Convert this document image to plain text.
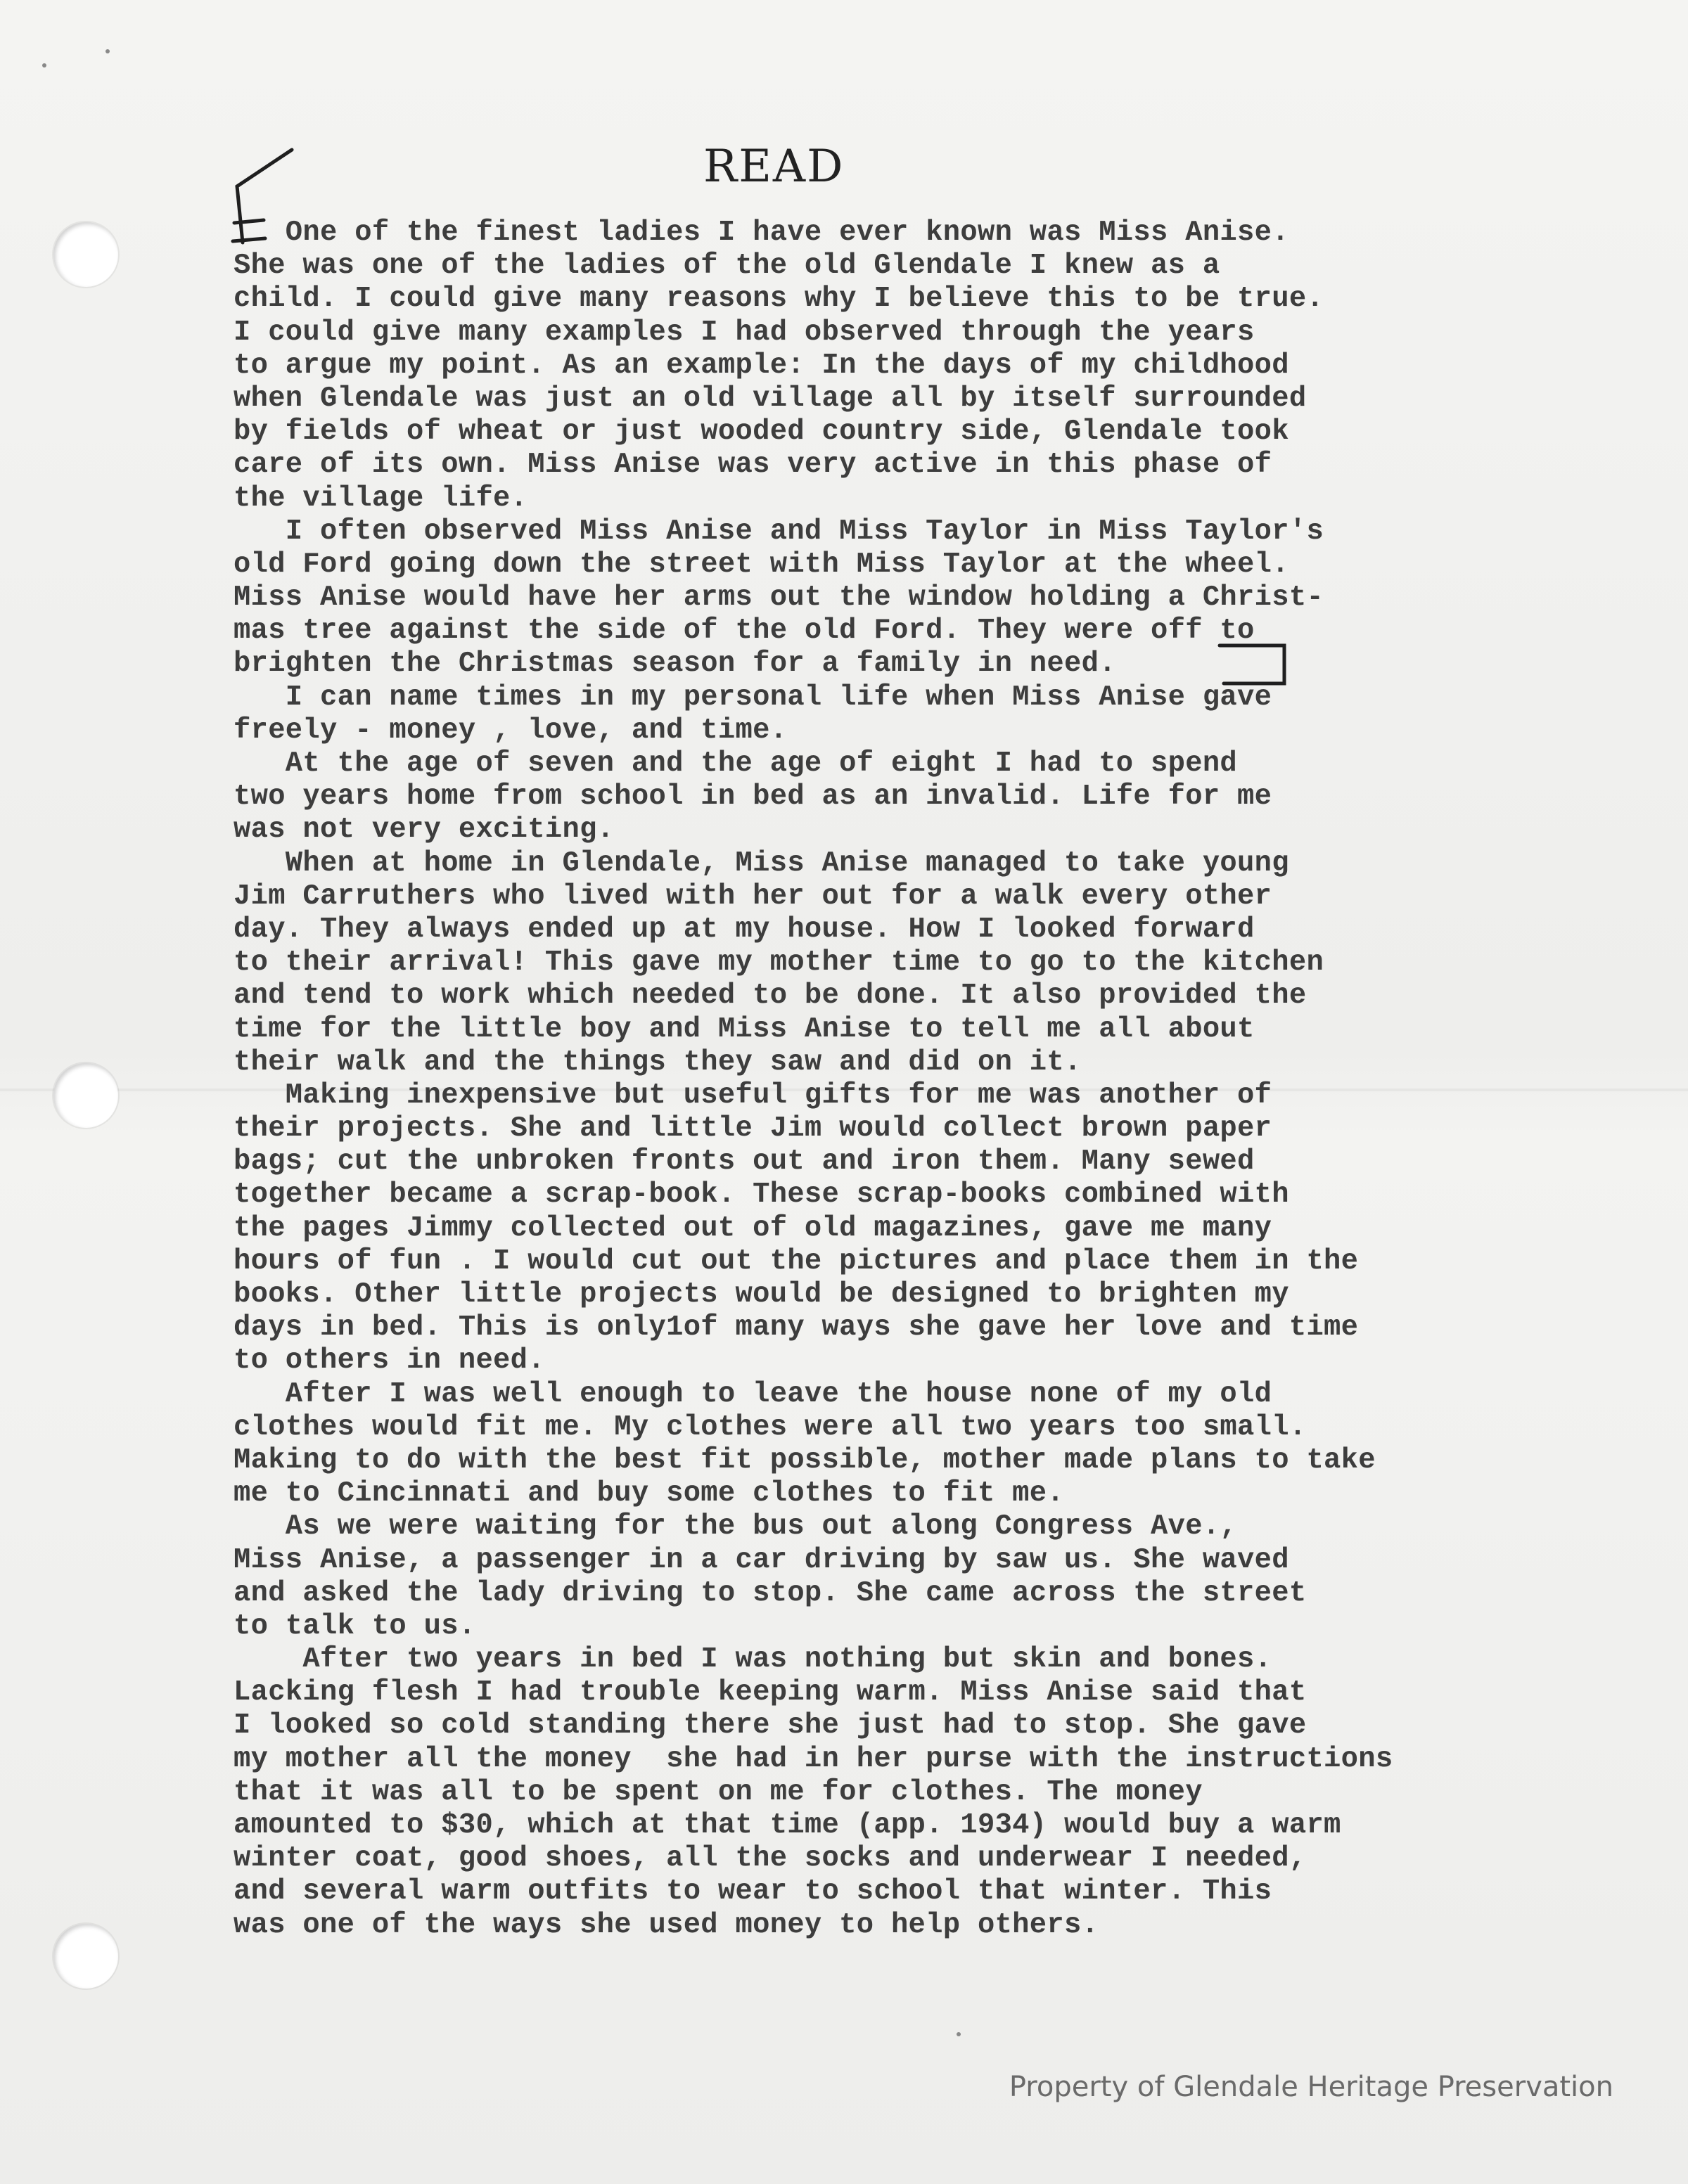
READ
One of the finest ladies I have ever known was Miss Anise.
She was one of the ladies of the old Glendale I knew as a
child. I could give many reasons why I believe this to be true.
I could give many examples I had observed through the years
to argue my point. As an example: In the days of my childhood
when Glendale was just an old village all by itself surrounded
by fields of wheat or just wooded country side, Glendale took
care of its own. Miss Anise was very active in this phase of
the village life.
I often observed Miss Anise and Miss Taylor in Miss Taylor's
old Ford going down the street with Miss Taylor at the wheel.
Miss Anise would have her arms out the window holding a Christ-
mas tree against the side of the old Ford. They were off to
brighten the Christmas season for a family in need.
I can name times in my personal life when Miss Anise gave
freely - money , love, and time.
At the age of seven and the age of eight I had to spend
two years home from school in bed as an invalid. Life for me
was not very exciting.
When at home in Glendale, Miss Anise managed to take young
Jim Carruthers who lived with her out for a walk every other
day. They always ended up at my house. How I looked forward
to their arrival! This gave my mother time to go to the kitchen
and tend to work which needed to be done. It also provided the
time for the little boy and Miss Anise to tell me all about
their walk and the things they saw and did on it.
Making inexpensive but useful gifts for me was another of
their projects. She and little Jim would collect brown paper
bags; cut the unbroken fronts out and iron them. Many sewed
together became a scrap-book. These scrap-books combined with
the pages Jimmy collected out of old magazines, gave me many
hours of fun . I would cut out the pictures and place them in the
books. Other little projects would be designed to brighten my
days in bed. This is only1of many ways she gave her love and time
to others in need.
After I was well enough to leave the house none of my old
clothes would fit me. My clothes were all two years too small.
Making to do with the best fit possible, mother made plans to take
me to Cincinnati and buy some clothes to fit me.
As we were waiting for the bus out along Congress Ave.,
Miss Anise, a passenger in a car driving by saw us. She waved
and asked the lady driving to stop. She came across the street
to talk to us.
After two years in bed I was nothing but skin and bones.
Lacking flesh I had trouble keeping warm. Miss Anise said that
I looked so cold standing there she just had to stop. She gave
my mother all the money  she had in her purse with the instructions
that it was all to be spent on me for clothes. The money
amounted to $30, which at that time (app. 1934) would buy a warm
winter coat, good shoes, all the socks and underwear I needed,
and several warm outfits to wear to school that winter. This
was one of the ways she used money to help others.
Property of Glendale Heritage Preservation
